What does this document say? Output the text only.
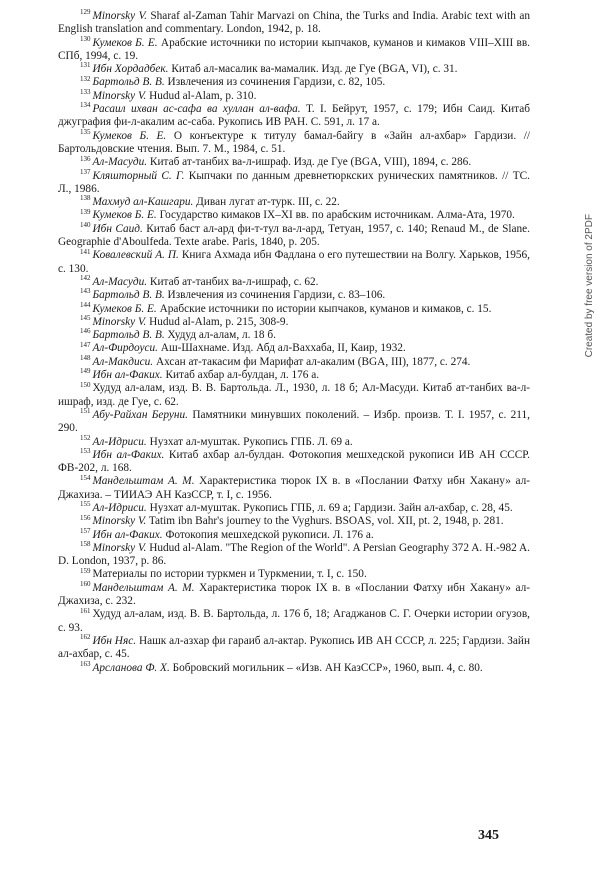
$^{129}$ Minorsky V. Sharaf al-Zaman Tahir Marvazi on China, the Turks and India. Arabic text with an English translation and commentary. London, 1942, p. 18.

$^{130}$ Кумеков Б. Е. Арабские источники по истории кыпчаков, куманов и кимаков VIII–XIII вв. СПб, 1994, с. 19.

$^{131}$ Ибн Хордадбек. Китаб ал-масалик ва-мамалик. Изд. де Гуе (BGA, VI), с. 31.

$^{132}$ Бартольд В. В. Извлечения из сочинения Гардизи, с. 82, 105.

$^{133}$ Minorsky V. Hudud al-Alam, p. 310.

$^{134}$ Расаил ихван ас-сафа ва хуллан ал-вафа. Т. I. Бейрут, 1957, с. 179; Ибн Саид. Китаб джуграфия фи-л-акалим ас-саба. Рукопись ИВ РАН. С. 591, л. 17 а.

$^{135}$ Кумеков Б. Е. О конъектуре к титулу бамал-байгу в «Зайн ал-ахбар» Гардизи. // Бартольдовские чтения. Вып. 7. М., 1984, с. 51.

$^{136}$ Ал-Масуди. Китаб ат-танбих ва-л-ишраф. Изд. де Гуе (BGA, VIII), 1894, с. 286.

$^{137}$ Кляшторный С. Г. Кыпчаки по данным древнетюркских рунических памятников. // ТС. Л., 1986.

$^{138}$ Махмуд ал-Кашгари. Диван лугат ат-турк. III, с. 22.

$^{139}$ Кумеков Б. Е. Государство кимаков IX–XI вв. по арабским источникам. Алма-Ата, 1970.

$^{140}$ Ибн Саид. Китаб баст ал-ард фи-т-тул ва-л-ард, Тетуан, 1957, с. 140; Renaud M., de Slane. Geographie d'Aboulfeda. Texte arabe. Paris, 1840, p. 205.

$^{141}$ Ковалевский А. П. Книга Ахмада ибн Фадлана о его путешествии на Волгу. Харьков, 1956, с. 130.

$^{142}$ Ал-Масуди. Китаб ат-танбих ва-л-ишраф, с. 62.

$^{143}$ Бартольд В. В. Извлечения из сочинения Гардизи, с. 83–106.

$^{144}$ Кумеков Б. Е. Арабские источники по истории кыпчаков, куманов и кимаков, с. 15.

$^{145}$ Minorsky V. Hudud al-Alam, p. 215, 308-9.

$^{146}$ Бартольд В. В. Худуд ал-алам, л. 18 б.

$^{147}$ Ал-Фирдоуси. Аш-Шахнаме. Изд. Абд ал-Ваххаба, II, Каир, 1932.

$^{148}$ Ал-Макдиси. Ахсан ат-такасим фи Марифат ал-акалим (BGA, III), 1877, с. 274.

$^{149}$ Ибн ал-Факих. Китаб ахбар ал-булдан, л. 176 а.

$^{150}$ Худуд ал-алам, изд. В. В. Бартольда. Л., 1930, л. 18 б; Ал-Масуди. Китаб ат-танбих ва-л-ишраф, изд. де Гуе, с. 62.

$^{151}$ Абу-Райхан Беруни. Памятники минувших поколений. – Избр. произв. Т. I. 1957, с. 211, 290.

$^{152}$ Ал-Идриси. Нузхат ал-муштак. Рукопись ГПБ. Л. 69 а.

$^{153}$ Ибн ал-Факих. Китаб ахбар ал-булдан. Фотокопия мешхедской рукописи ИВ АН СССР. ФВ-202, л. 168.

$^{154}$ Мандельштам А. М. Характеристика тюрок IX в. в «Послании Фатху ибн Хакану» ал-Джахиза. – ТИИАЭ АН КазССР, т. I, с. 1956.

$^{155}$ Ал-Идриси. Нузхат ал-муштак. Рукопись ГПБ, л. 69 а; Гардизи. Зайн ал-ахбар, с. 28, 45.

$^{156}$ Minorsky V. Tatim ibn Bahr's journey to the Vyghurs. BSOAS, vol. XII, pt. 2, 1948, p. 281.

$^{157}$ Ибн ал-Факих. Фотокопия мешхедской рукописи. Л. 176 а.

$^{158}$ Minorsky V. Hudud al-Alam. "The Region of the World". A Persian Geography 372 A. H.-982 A. D. London, 1937, p. 86.

$^{159}$ Материалы по истории туркмен и Туркмении, т. I, с. 150.

$^{160}$ Мандельштам А. М. Характеристика тюрок IX в. в «Послании Фатху ибн Хакану» ал-Джахиза, с. 232.

$^{161}$ Худуд ал-алам, изд. В. В. Бартольда, л. 176 б, 18; Агаджанов С. Г. Очерки истории огузов, с. 93.

$^{162}$ Ибн Няс. Нашк ал-азхар фи гараиб ал-актар. Рукопись ИВ АН СССР, л. 225; Гардизи. Зайн ал-ахбар, с. 45.

$^{163}$ Арсланова Ф. Х. Бобровский могильник – «Изв. АН КазССР», 1960, вып. 4, с. 80.

345
Created by free version of 2PDF
